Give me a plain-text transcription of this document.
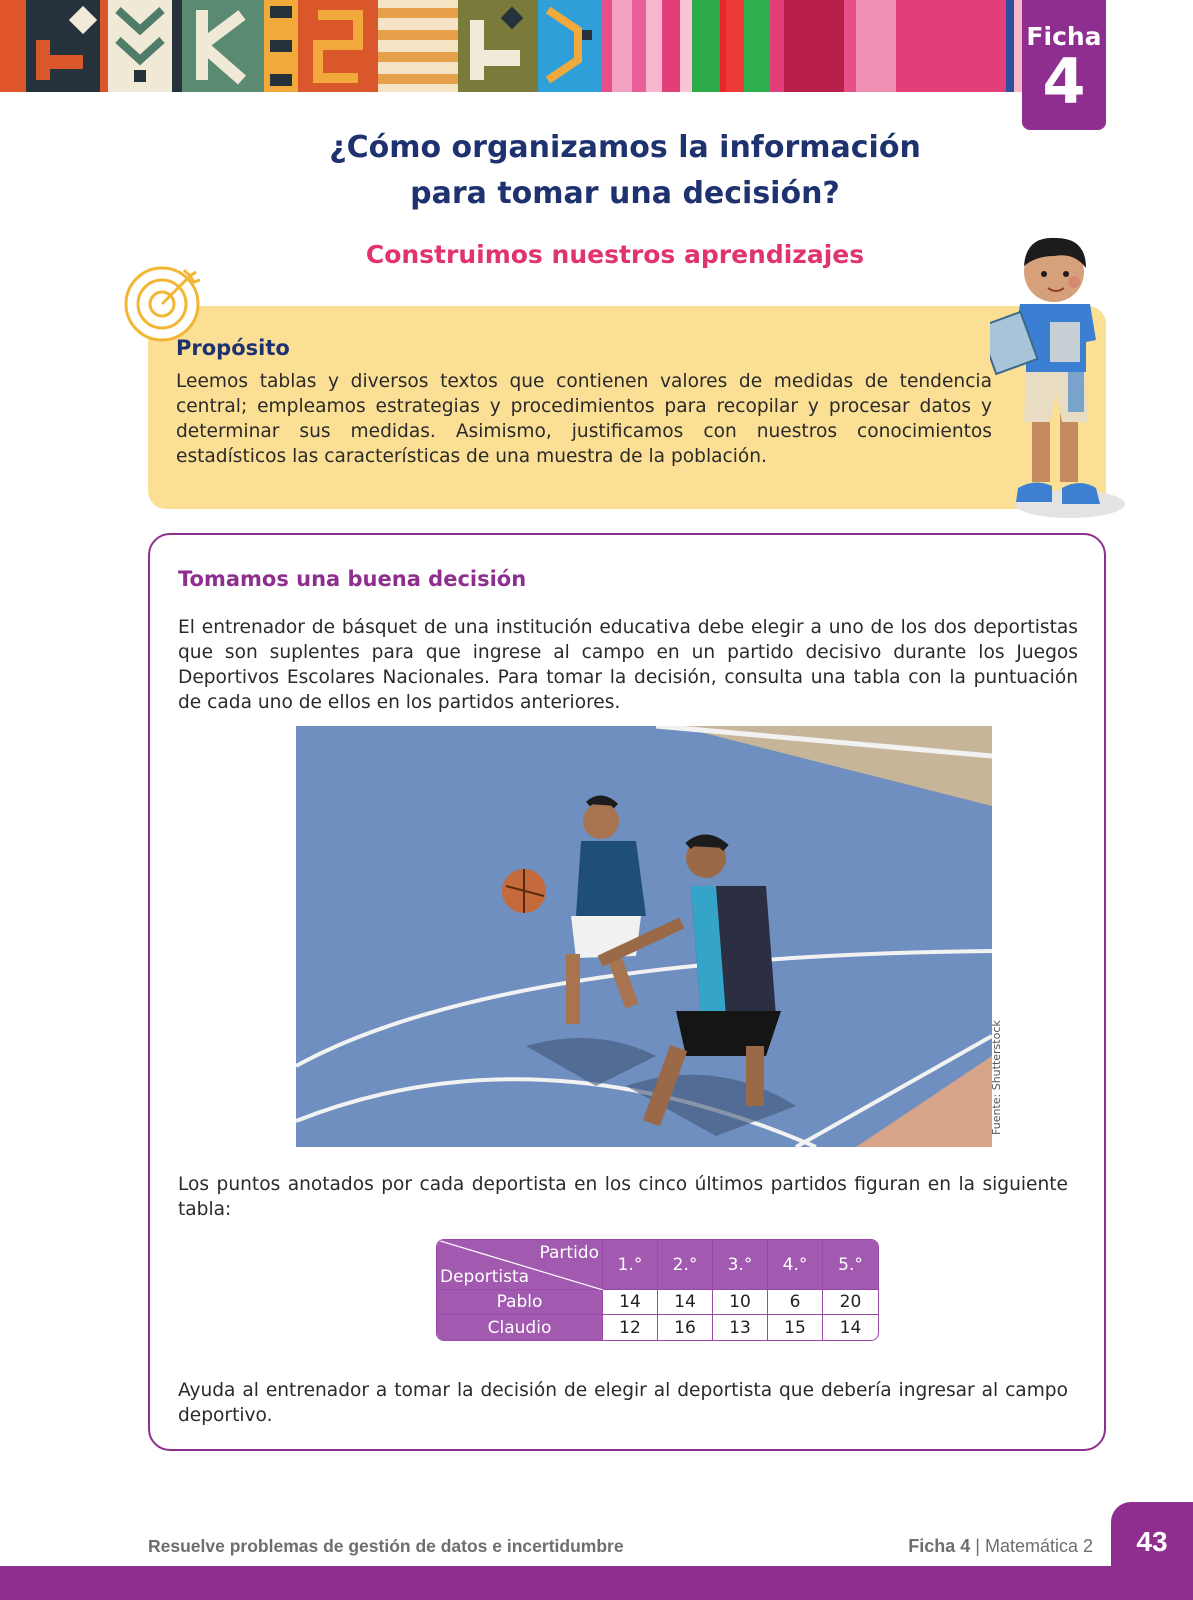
Ficha
4
¿Cómo organizamos la información
para tomar una decisión?
Construimos nuestros aprendizajes
Propósito

Leemos tablas y diversos textos que contienen valores de medidas de tendencia central; empleamos estrategias y procedimientos para recopilar y procesar datos y determinar sus medidas. Asimismo, justificamos con nuestros conocimientos estadísticos las características de una muestra de la población.

Tomamos una buena decisión

El entrenador de básquet de una institución educativa debe elegir a uno de los dos deportistas que son suplentes para que ingrese al campo en un partido decisivo durante los Juegos Deportivos Escolares Nacionales. Para tomar la decisión, consulta una tabla con la puntuación de cada uno de ellos en los partidos anteriores.

Fuente: Shutterstock

Los puntos anotados por cada deportista en los cinco últimos partidos figuran en la siguiente tabla:

Partido
Deportista	1.°	2.°	3.°	4.°	5.°
Pablo	14	14	10	6	20
Claudio	12	16	13	15	14

Ayuda al entrenador a tomar la decisión de elegir al deportista que debería ingresar al campo deportivo.

Resuelve problemas de gestión de datos e incertidumbre	Ficha 4 | Matemática 2	43
